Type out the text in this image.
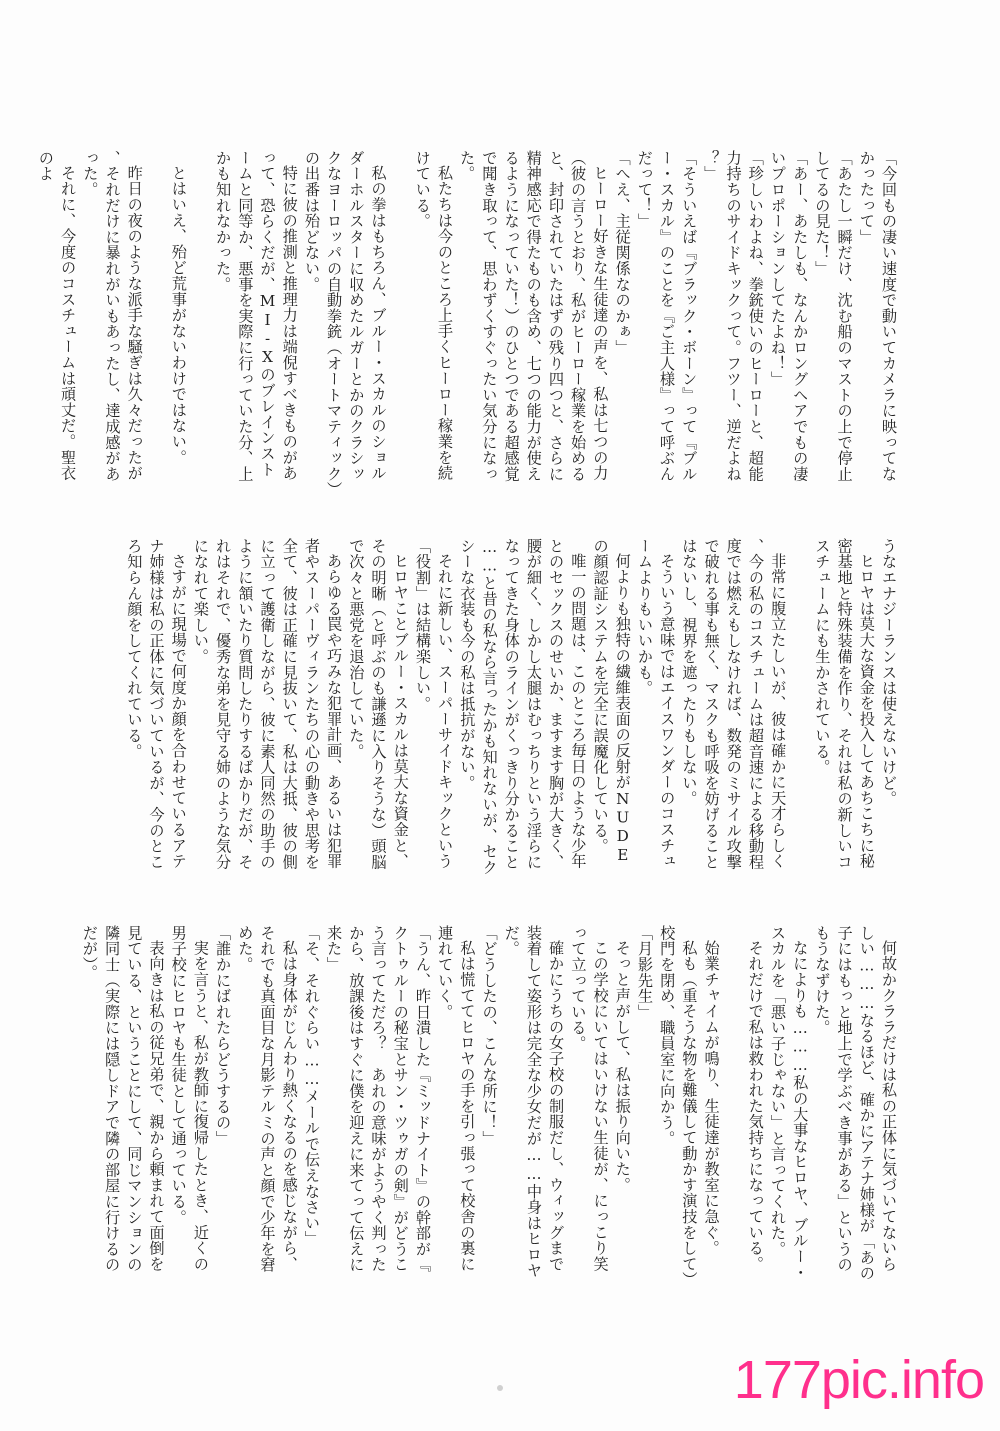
「今回もの凄い速度で動いてカメラに映ってなかったって」

「あたし一瞬だけ、沈む船のマストの上で停止してるの見た！」

「あー、あたしも、なんかロングヘアでもの凄いプロポーションしてたよね！」

「珍しいわよね、拳銃使いのヒーローと、超能力持ちのサイドキックって。フツー、逆だよね？」

「そういえば『ブラック・ボーン』って『ブルー・スカル』のことを『ご主人様』って呼ぶんだって！」

「へえ、主従関係なのかぁ」

ヒーロー好きな生徒達の声を、私は七つの力（彼の言うとおり、私がヒーロー稼業を始めると、封印されていたはずの残り四つと、さらに精神感応で得たものも含め、七つの能力が使えるようになっていた！）のひとつである超感覚で聞き取って、思わずくすぐったい気分になった。

私たちは今のところ上手くヒーロー稼業を続けている。

私の拳はもちろん、ブルー・スカルのショルダーホルスターに収めたルガーとかのクラシックなヨーロッパの自動拳銃（オートマティック）の出番は殆どない。

特に彼の推測と推理力は端倪すべきものがあって、恐らくだが、MI-Xのブレインストームと同等か、悪事を実際に行っていた分、上かも知れなかった。

とはいえ、殆ど荒事がないわけではない。

昨日の夜のような派手な騒ぎは久々だったが、それだけに暴れがいもあったし、達成感があった。

それに、今度のコスチュームは頑丈だ。聖衣のよ

うなエナジーランスは使えないけど。

ヒロヤは莫大な資金を投入してあちこちに秘密基地と特殊装備を作り、それは私の新しいコスチュームにも生かされている。

非常に腹立たしいが、彼は確かに天才らしく、今の私のコスチュームは超音速による移動程度では燃えもしなければ、数発のミサイル攻撃で破れる事も無く、マスクも呼吸を妨げることはないし、視界を遮ったりもしない。

そういう意味ではエイスワンダーのコスチュームよりもいいかも。

何よりも独特の繊維表面の反射がNUDEの顔認証システムを完全に誤魔化している。

唯一の問題は、このところ毎日のような少年とのセックスのせいか、ますます胸が大きく、腰が細く、しかし太腿はむっちりという淫らになってきた身体のラインがくっきり分かること……と昔の私なら言ったかも知れないが、セクシーな衣装も今の私は抵抗がない。

それに新しい、スーパーサイドキックという「役割」は結構楽しい。

ヒロヤことブルー・スカルは莫大な資金と、その明晰（と呼ぶのも謙遜に入りそうな）頭脳で次々と悪党を退治していた。

あらゆる罠や巧みな犯罪計画、あるいは犯罪者やスーパーヴィランたちの心の動きや思考を全て、彼は正確に見抜いて、私は大抵、彼の側に立って護衛しながら、彼に素人同然の助手のように頷いたり質問したりするばかりだが、それはそれで、優秀な弟を見守る姉のような気分になれて楽しい。

さすがに現場で何度か顔を合わせているアテナ姉様は私の正体に気づいているが、今のところ知らん顔をしてくれている。

何故かクララだけは私の正体に気づいてないらしい………なるほど、確かにアテナ姉様が「あの子にはもっと地上で学ぶべき事がある」というのもうなずけた。

なによりも………私の大事なヒロヤ、ブルー・スカルを「悪い子じゃない」と言ってくれた。

それだけで私は救われた気持ちになっている。

始業チャイムが鳴り、生徒達が教室に急ぐ。

私も（重そうな物を難儀して動かす演技をして）校門を閉め、職員室に向かう。

「月影先生」

そっと声がして、私は振り向いた。

この学校にいてはいけない生徒が、にっこり笑って立っている。

確かにうちの女子校の制服だし、ウィッグまで装着して姿形は完全な少女だが……中身はヒロヤだ。

「どうしたの、こんな所に！」

私は慌ててヒロヤの手を引っ張って校舎の裏に連れていく。

「うん、昨日潰した『ミッドナイト』の幹部が『クトゥルーの秘宝とサン・ツゥガの剣』がどうこう言ってただろ？　あれの意味がようやく判ったから、放課後はすぐに僕を迎えに来てって伝えに来た」

「そ、それぐらい……メールで伝えなさい」

私は身体がじんわり熱くなるのを感じながら、それでも真面目な月影テルミの声と顔で少年を窘めた。

「誰かにばれたらどうするの」

実を言うと、私が教師に復帰したとき、近くの男子校にヒロヤも生徒として通っている。

表向きは私の従兄弟で、親から頼まれて面倒を見ている、ということにして、同じマンションの隣同士（実際には隠しドアで隣の部屋に行けるのだが）。

177pic.info
